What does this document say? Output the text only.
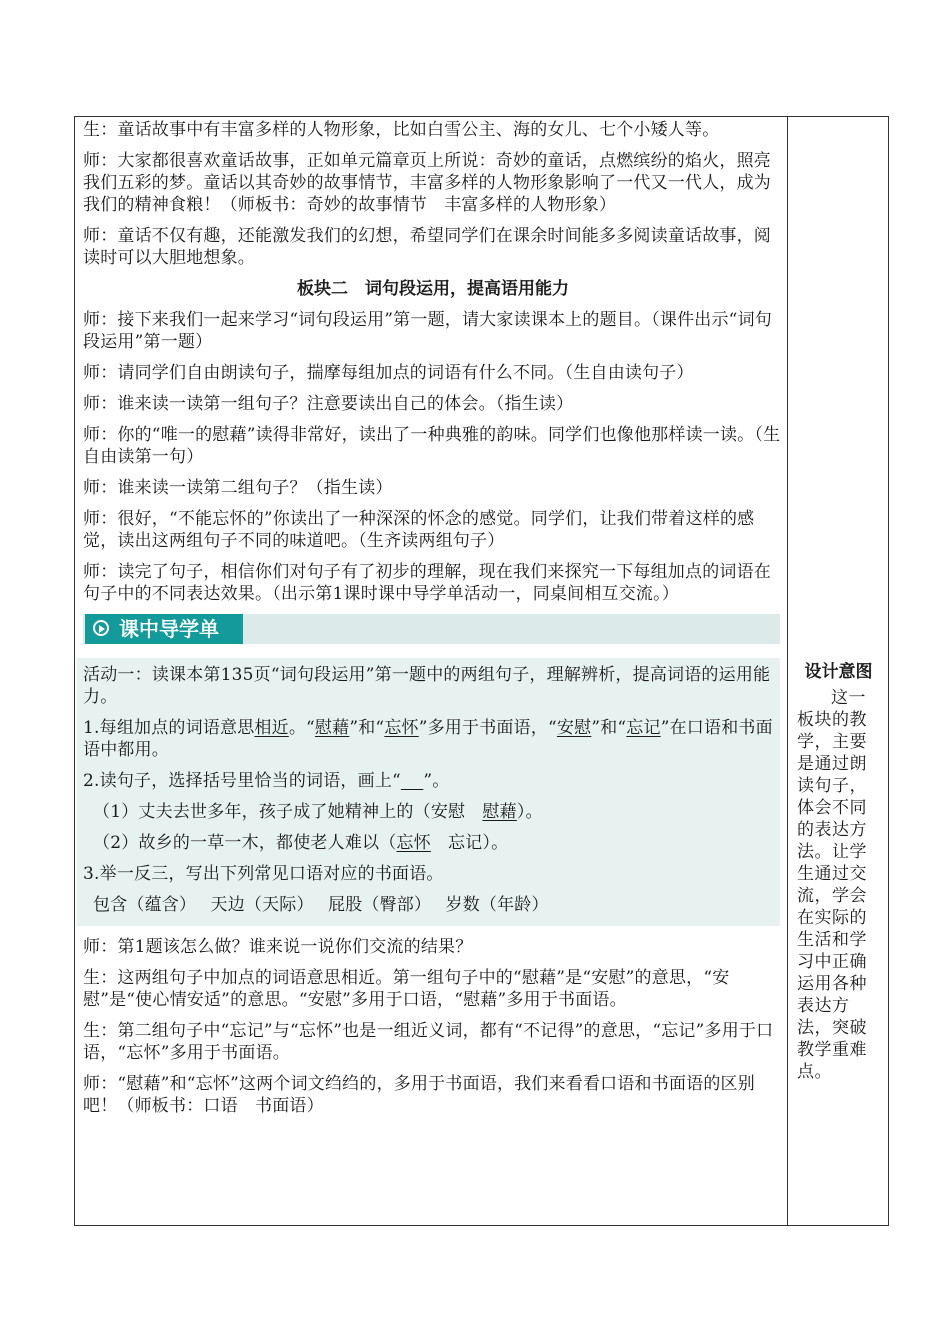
生：童话故事中有丰富多样的人物形象，比如白雪公主、海的女儿、七个小矮人等。

师：大家都很喜欢童话故事，正如单元篇章页上所说：奇妙的童话，点燃缤纷的焰火，照亮我们五彩的梦。童话以其奇妙的故事情节，丰富多样的人物形象影响了一代又一代人，成为我们的精神食粮！（师板书：奇妙的故事情节　丰富多样的人物形象）

师：童话不仅有趣，还能激发我们的幻想，希望同学们在课余时间能多多阅读童话故事，阅读时可以大胆地想象。

板块二　词句段运用，提高语用能力

师：接下来我们一起来学习“词句段运用”第一题，请大家读课本上的题目。（课件出示“词句段运用”第一题）

师：请同学们自由朗读句子，揣摩每组加点的词语有什么不同。（生自由读句子）

师：谁来读一读第一组句子？注意要读出自己的体会。（指生读）

师：你的“唯一的慰藉”读得非常好，读出了一种典雅的韵味。同学们也像他那样读一读。（生自由读第一句）

师：谁来读一读第二组句子？（指生读）

师：很好，“不能忘怀的”你读出了一种深深的怀念的感觉。同学们，让我们带着这样的感觉，读出这两组句子不同的味道吧。（生齐读两组句子）

师：读完了句子，相信你们对句子有了初步的理解，现在我们来探究一下每组加点的词语在句子中的不同表达效果。（出示第1课时课中导学单活动一，同桌间相互交流。）

课中导学单

活动一：读课本第135页“词句段运用”第一题中的两组句子，理解辨析，提高词语的运用能力。

1.每组加点的词语意思相近。“慰藉”和“忘怀”多用于书面语，“安慰”和“忘记”在口语和书面语中都用。

2.读句子，选择括号里恰当的词语，画上“ ”。

（1）丈夫去世多年，孩子成了她精神上的（安慰　慰藉）。

（2）故乡的一草一木，都使老人难以（忘怀　忘记）。

3.举一反三，写出下列常见口语对应的书面语。

包含（蕴含）　 天边（天际）　 屁股（臀部）　 岁数（年龄）

师：第1题该怎么做？谁来说一说你们交流的结果？

生：这两组句子中加点的词语意思相近。第一组句子中的“慰藉”是“安慰”的意思，“安慰”是“使心情安适”的意思。“安慰”多用于口语，“慰藉”多用于书面语。

生：第二组句子中“忘记”与“忘怀”也是一组近义词，都有“不记得”的意思，“忘记”多用于口语，“忘怀”多用于书面语。

师：“慰藉”和“忘怀”这两个词文绉绉的，多用于书面语，我们来看看口语和书面语的区别吧！（师板书：口语　书面语）

设计意图
这一板块的教学，主要是通过朗读句子，体会不同的表达方法。让学生通过交流，学会在实际的生活和学习中正确运用各种表达方法，突破教学重难点。
